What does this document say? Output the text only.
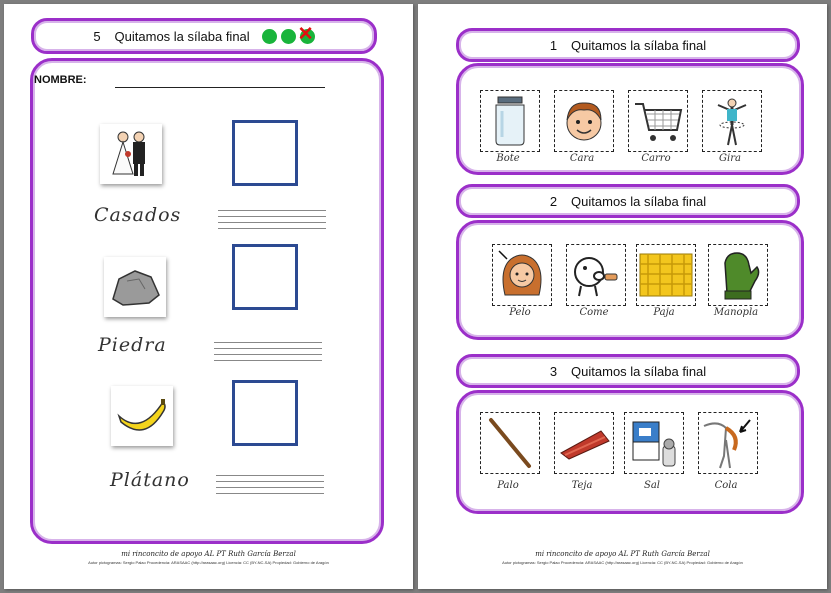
5 Quitamos la sílaba final
✕
NOMBRE:
Casados
Piedra
Plátano
mi rinconcito de apoyo AL PT Ruth García Berzal
Autor pictogramas: Sergio Palao Procedencia: ARASAAC (http://arasaac.org) Licencia: CC (BY-NC-SA) Propiedad: Gobierno de Aragón
1 Quitamos la sílaba final
Bote	Cara	Carro	Gira
2 Quitamos la sílaba final
Pelo	Come	Paja	Manopla
3 Quitamos la sílaba final
Palo	Teja	Sal	Cola
mi rinconcito de apoyo AL PT Ruth García Berzal
Autor pictogramas: Sergio Palao Procedencia: ARASAAC (http://arasaac.org) Licencia: CC (BY-NC-SA) Propiedad: Gobierno de Aragón
